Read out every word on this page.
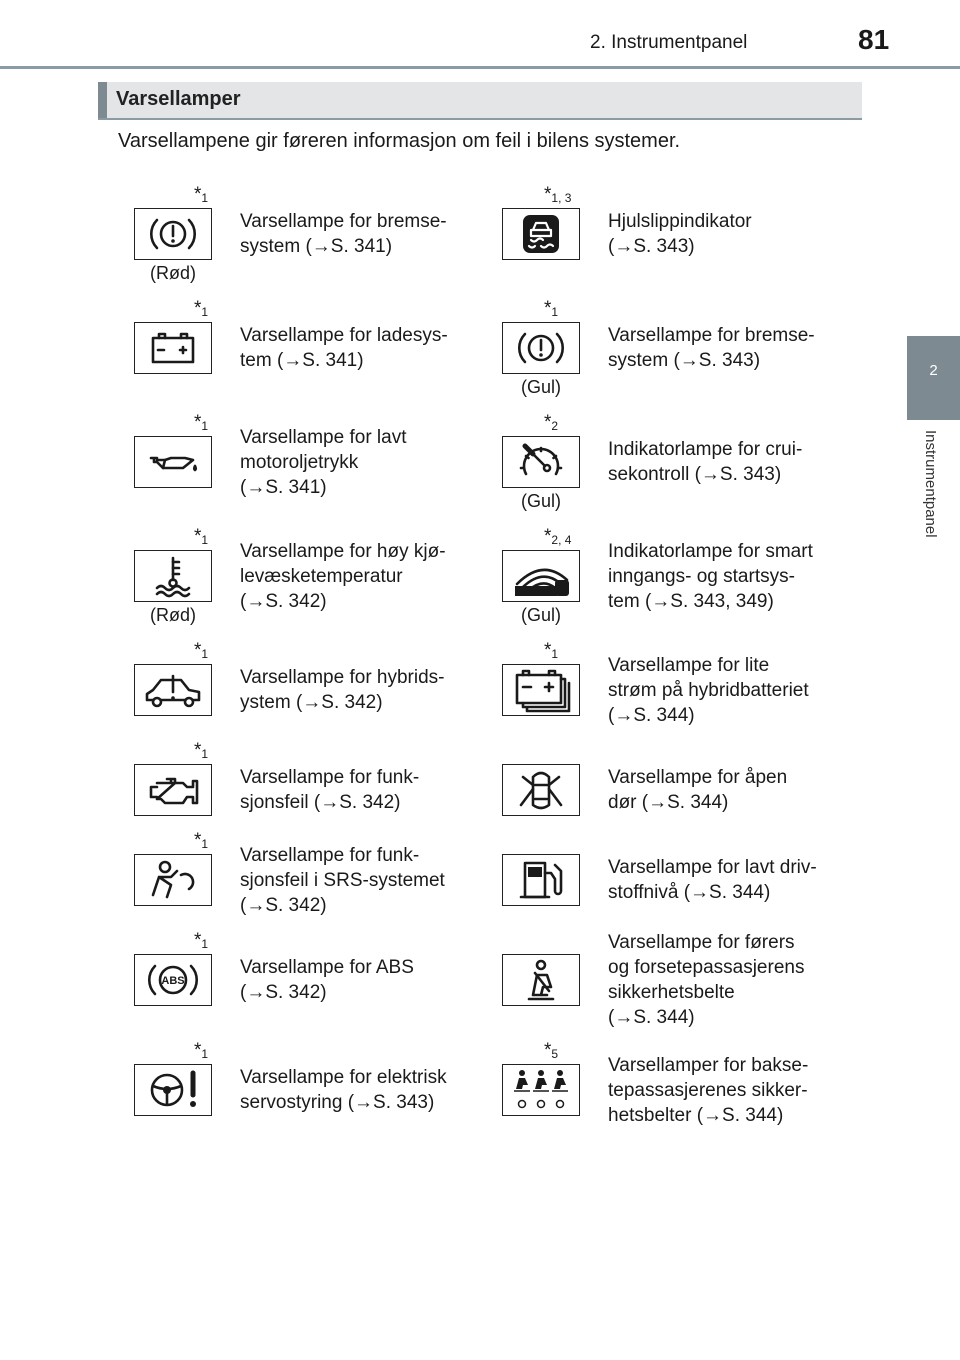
2. Instrumentpanel	81
2
Instrumentpanel
Varsellamper
Varsellampene gir føreren informasjon om feil i bilens systemer.
$*_1$
(Rød)
Varsellampe for bremse-
system (→S. 341)
$*_{1, 3}$
Hjulslippindikator
(→S. 343)
$*_1$
Varsellampe for ladesys-
tem (→S. 341)
$*_1$
(Gul)
Varsellampe for bremse-
system (→S. 343)
$*_1$
Varsellampe for lavt
motoroljetrykk
(→S. 341)
$*_2$
(Gul)
Indikatorlampe for crui-
sekontroll (→S. 343)
$*_1$
(Rød)
Varsellampe for høy kjø-
levæsketemperatur
(→S. 342)
$*_{2, 4}$
(Gul)
Indikatorlampe for smart
inngangs- og startsys-
tem (→S. 343, 349)
$*_1$
Varsellampe for hybrids-
ystem (→S. 342)
$*_1$
Varsellampe for lite
strøm på hybridbatteriet
(→S. 344)
$*_1$
Varsellampe for funk-
sjonsfeil (→S. 342)
Varsellampe for åpen
dør (→S. 344)
$*_1$
Varsellampe for funk-
sjonsfeil i SRS-systemet
(→S. 342)
Varsellampe for lavt driv-
stoffnivå (→S. 344)
$*_1$
ABS
Varsellampe for ABS
(→S. 342)
Varsellampe for førers
og forsetepassasjerens
sikkerhetsbelte
(→S. 344)
$*_1$
Varsellampe for elektrisk
servostyring (→S. 343)
$*_5$
Varsellamper for bakse-
tepassasjerenes sikker-
hetsbelter (→S. 344)
